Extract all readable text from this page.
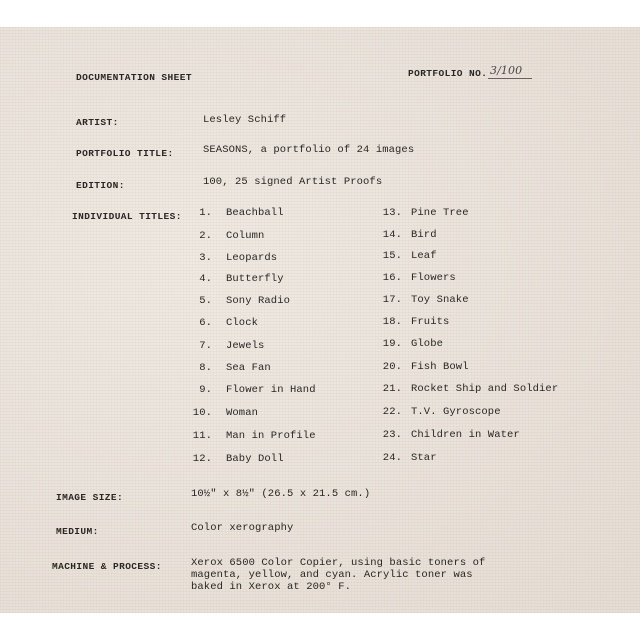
DOCUMENTATION SHEET	PORTFOLIO NO. 3/100
ARTIST:	Lesley Schiff
PORTFOLIO TITLE:	SEASONS, a portfolio of 24 images
EDITION:	100, 25 signed Artist Proofs
INDIVIDUAL TITLES:	1. Beachball
2. Column
3. Leopards
4. Butterfly
5. Sony Radio
6. Clock
7. Jewels
8. Sea Fan
9. Flower in Hand
10. Woman
11. Man in Profile
12. Baby Doll
13. Pine Tree
14. Bird
15. Leaf
16. Flowers
17. Toy Snake
18. Fruits
19. Globe
20. Fish Bowl
21. Rocket Ship and Soldier
22. T.V. Gyroscope
23. Children in Water
24. Star
IMAGE SIZE:	10½" x 8½" (26.5 x 21.5 cm.)
MEDIUM:	Color xerography
MACHINE & PROCESS:	Xerox 6500 Color Copier, using basic toners of
magenta, yellow, and cyan. Acrylic toner was
baked in Xerox at 200° F.
